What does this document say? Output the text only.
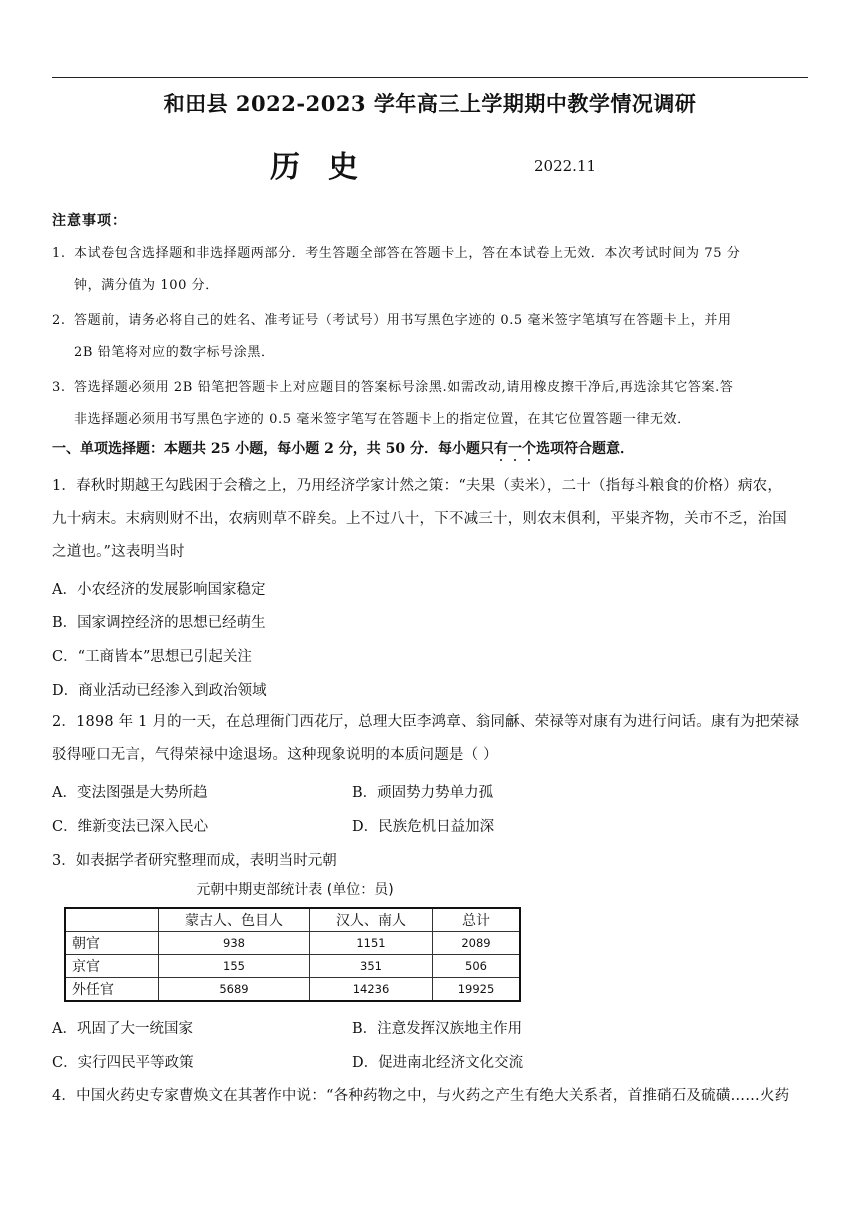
和田县 2022-2023 学年高三上学期期中教学情况调研
历史	2022.11
注意事项：
1. 本试卷包含选择题和非选择题两部分．考生答题全部答在答题卡上，答在本试卷上无效．本次考试时间为 75 分
钟，满分值为 100 分．
2. 答题前，请务必将自己的姓名、准考证号（考试号）用书写黑色字迹的 0.5 毫米签字笔填写在答题卡上，并用
2B 铅笔将对应的数字标号涂黑．
3. 答选择题必须用 2B 铅笔把答题卡上对应题目的答案标号涂黑.如需改动,请用橡皮擦干净后,再选涂其它答案.答
非选择题必须用书写黑色字迹的 0.5 毫米签字笔写在答题卡上的指定位置，在其它位置答题一律无效．
一、单项选择题：本题共 25 小题，每小题 2 分，共 50 分．每小题只有一个选项符合题意．
1．春秋时期越王勾践困于会稽之上，乃用经济学家计然之策：“夫果（卖米），二十（指每斗粮食的价格）病农，
九十病末。末病则财不出，农病则草不辟矣。上不过八十，下不减三十，则农末俱利，平粜齐物，关市不乏，治国
之道也。”这表明当时
A．小农经济的发展影响国家稳定
B．国家调控经济的思想已经萌生
C．“工商皆本”思想已引起关注
D．商业活动已经渗入到政治领域
2．1898 年 1 月的一天，在总理衙门西花厅，总理大臣李鸿章、翁同龢、荣禄等对康有为进行问话。康有为把荣禄
驳得哑口无言，气得荣禄中途退场。这种现象说明的本质问题是（ ）
A．变法图强是大势所趋	B．顽固势力势单力孤
C．维新变法已深入民心	D．民族危机日益加深
3．如表据学者研究整理而成，表明当时元朝
元朝中期吏部统计表 (单位：员)
	蒙古人、色目人	汉人、南人	总计
朝官	938	1151	2089
京官	155	351	506
外任官	5689	14236	19925
A．巩固了大一统国家	B．注意发挥汉族地主作用
C．实行四民平等政策	D．促进南北经济文化交流
4．中国火药史专家曹焕文在其著作中说：“各种药物之中，与火药之产生有绝大关系者，首推硝石及硫磺……火药
